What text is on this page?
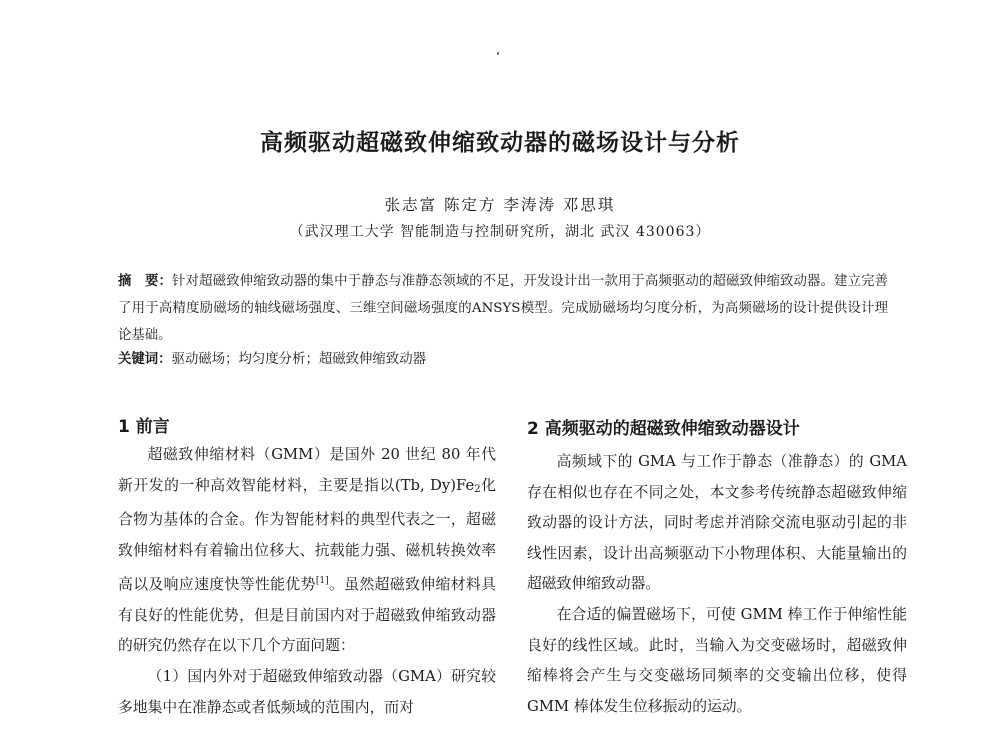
高频驱动超磁致伸缩致动器的磁场设计与分析

张志富 陈定方 李涛涛 邓思琪

（武汉理工大学 智能制造与控制研究所，湖北 武汉 430063）

摘　要：针对超磁致伸缩致动器的集中于静态与准静态领域的不足，开发设计出一款用于高频驱动的超磁致伸缩致动器。建立完善了用于高精度励磁场的轴线磁场强度、三维空间磁场强度的ANSYS模型。完成励磁场均匀度分析，为高频磁场的设计提供设计理论基础。

关键词：驱动磁场；均匀度分析；超磁致伸缩致动器

1 前言

超磁致伸缩材料（GMM）是国外 20 世纪 80 年代新开发的一种高效智能材料，主要是指以(Tb, $Dy)Fe_2$化合物为基体的合金。作为智能材料的典型代表之一，超磁致伸缩材料有着输出位移大、抗载能力强、磁机转换效率高以及响应速度快等性能优势[1]。虽然超磁致伸缩材料具有良好的性能优势，但是目前国内对于超磁致伸缩致动器的研究仍然存在以下几个方面问题：

（1）国内外对于超磁致伸缩致动器（GMA）研究较多地集中在准静态或者低频域的范围内，而对

2 高频驱动的超磁致伸缩致动器设计

高频域下的 GMA 与工作于静态（准静态）的 GMA 存在相似也存在不同之处，本文参考传统静态超磁致伸缩致动器的设计方法，同时考虑并消除交流电驱动引起的非线性因素，设计出高频驱动下小物理体积、大能量输出的超磁致伸缩致动器。

在合适的偏置磁场下，可使 GMM 棒工作于伸缩性能良好的线性区域。此时，当输入为交变磁场时，超磁致伸缩棒将会产生与交变磁场同频率的交变输出位移，使得 GMM 棒体发生位移振动的运动。
